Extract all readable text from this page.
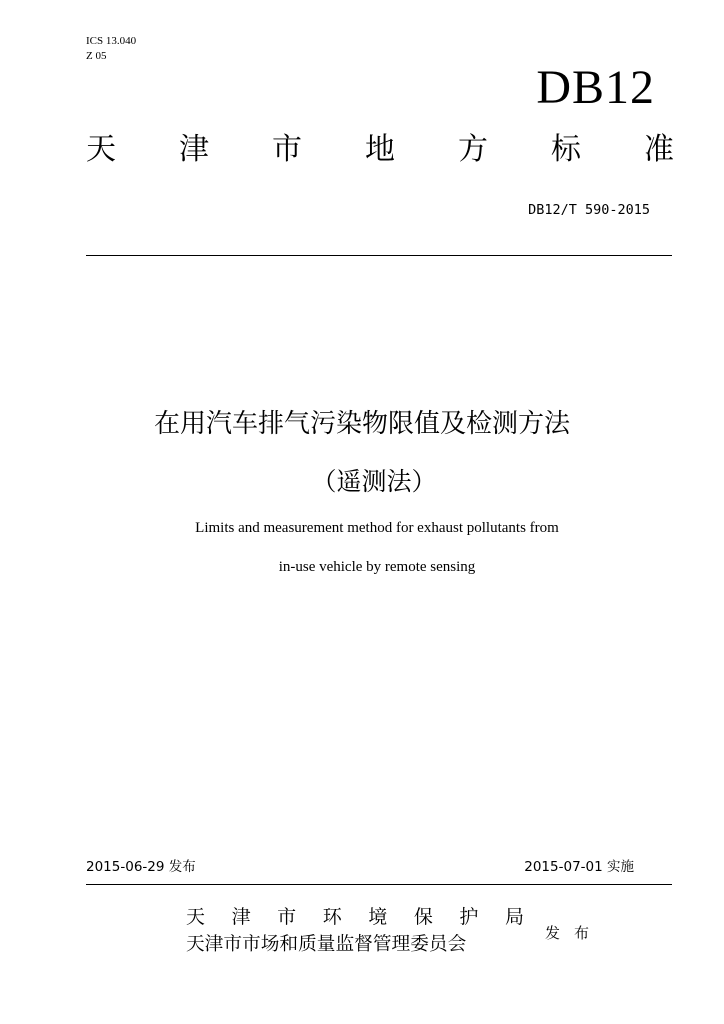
ICS 13.040
Z 05
DB12
天 津 市 地 方 标 准
DB12/T 590-2015
在用汽车排气污染物限值及检测方法
（遥测法）
Limits and measurement method for exhaust pollutants from
in-use vehicle by remote sensing
2015-06-29 发布	2015-07-01 实施
天 津 市 环 境 保 护 局
天津市市场和质量监督管理委员会
发 布
